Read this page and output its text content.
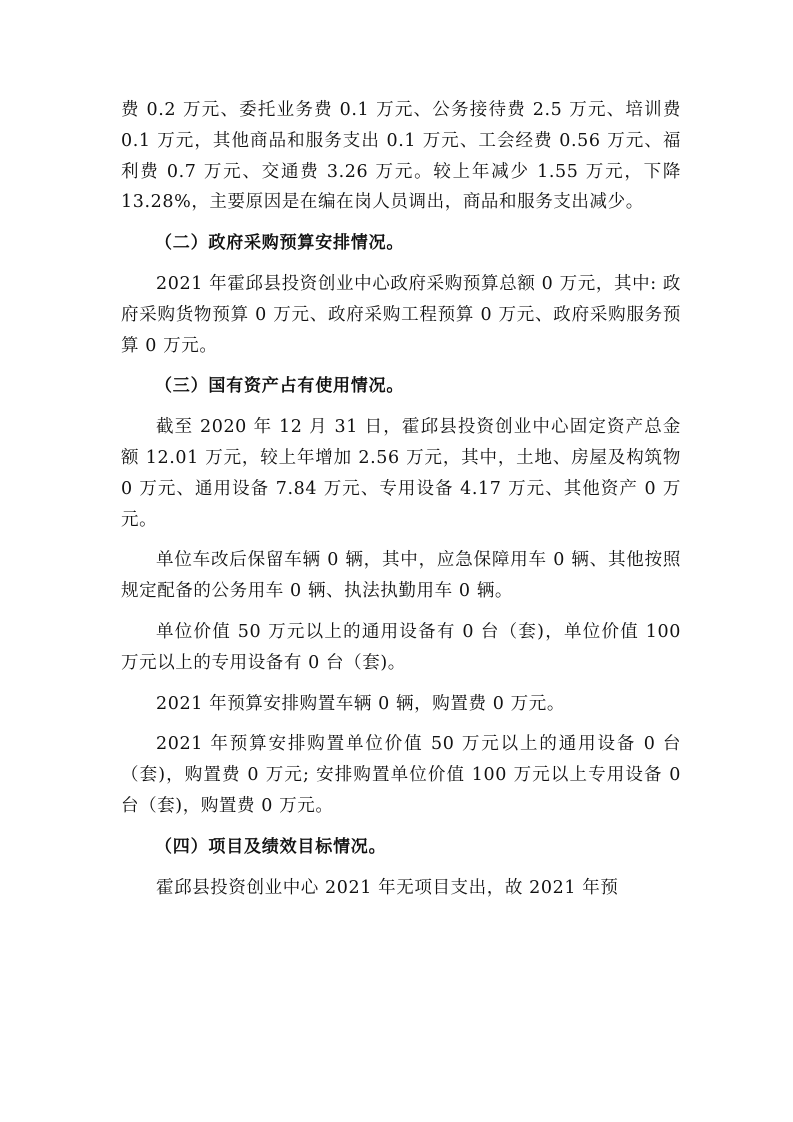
费 0.2 万元、委托业务费 0.1 万元、公务接待费 2.5 万元、培训费 0.1 万元，其他商品和服务支出 0.1 万元、工会经费 0.56 万元、福利费 0.7 万元、交通费 3.26 万元。较上年减少 1.55 万元，下降 13.28%，主要原因是在编在岗人员调出，商品和服务支出减少。

（二）政府采购预算安排情况。

2021 年霍邱县投资创业中心政府采购预算总额 0 万元，其中: 政府采购货物预算 0 万元、政府采购工程预算 0 万元、政府采购服务预算 0 万元。

（三）国有资产占有使用情况。

截至 2020 年 12 月 31 日，霍邱县投资创业中心固定资产总金额 12.01 万元，较上年增加 2.56 万元，其中，土地、房屋及构筑物 0 万元、通用设备 7.84 万元、专用设备 4.17 万元、其他资产 0 万元。

单位车改后保留车辆 0 辆，其中，应急保障用车 0 辆、其他按照规定配备的公务用车 0 辆、执法执勤用车 0 辆。

单位价值 50 万元以上的通用设备有 0 台（套)，单位价值 100 万元以上的专用设备有 0 台（套)。

2021 年预算安排购置车辆 0 辆，购置费 0 万元。

2021 年预算安排购置单位价值 50 万元以上的通用设备 0 台（套)，购置费 0 万元; 安排购置单位价值 100 万元以上专用设备 0 台（套)，购置费 0 万元。

（四）项目及绩效目标情况。

霍邱县投资创业中心 2021 年无项目支出，故 2021 年预
